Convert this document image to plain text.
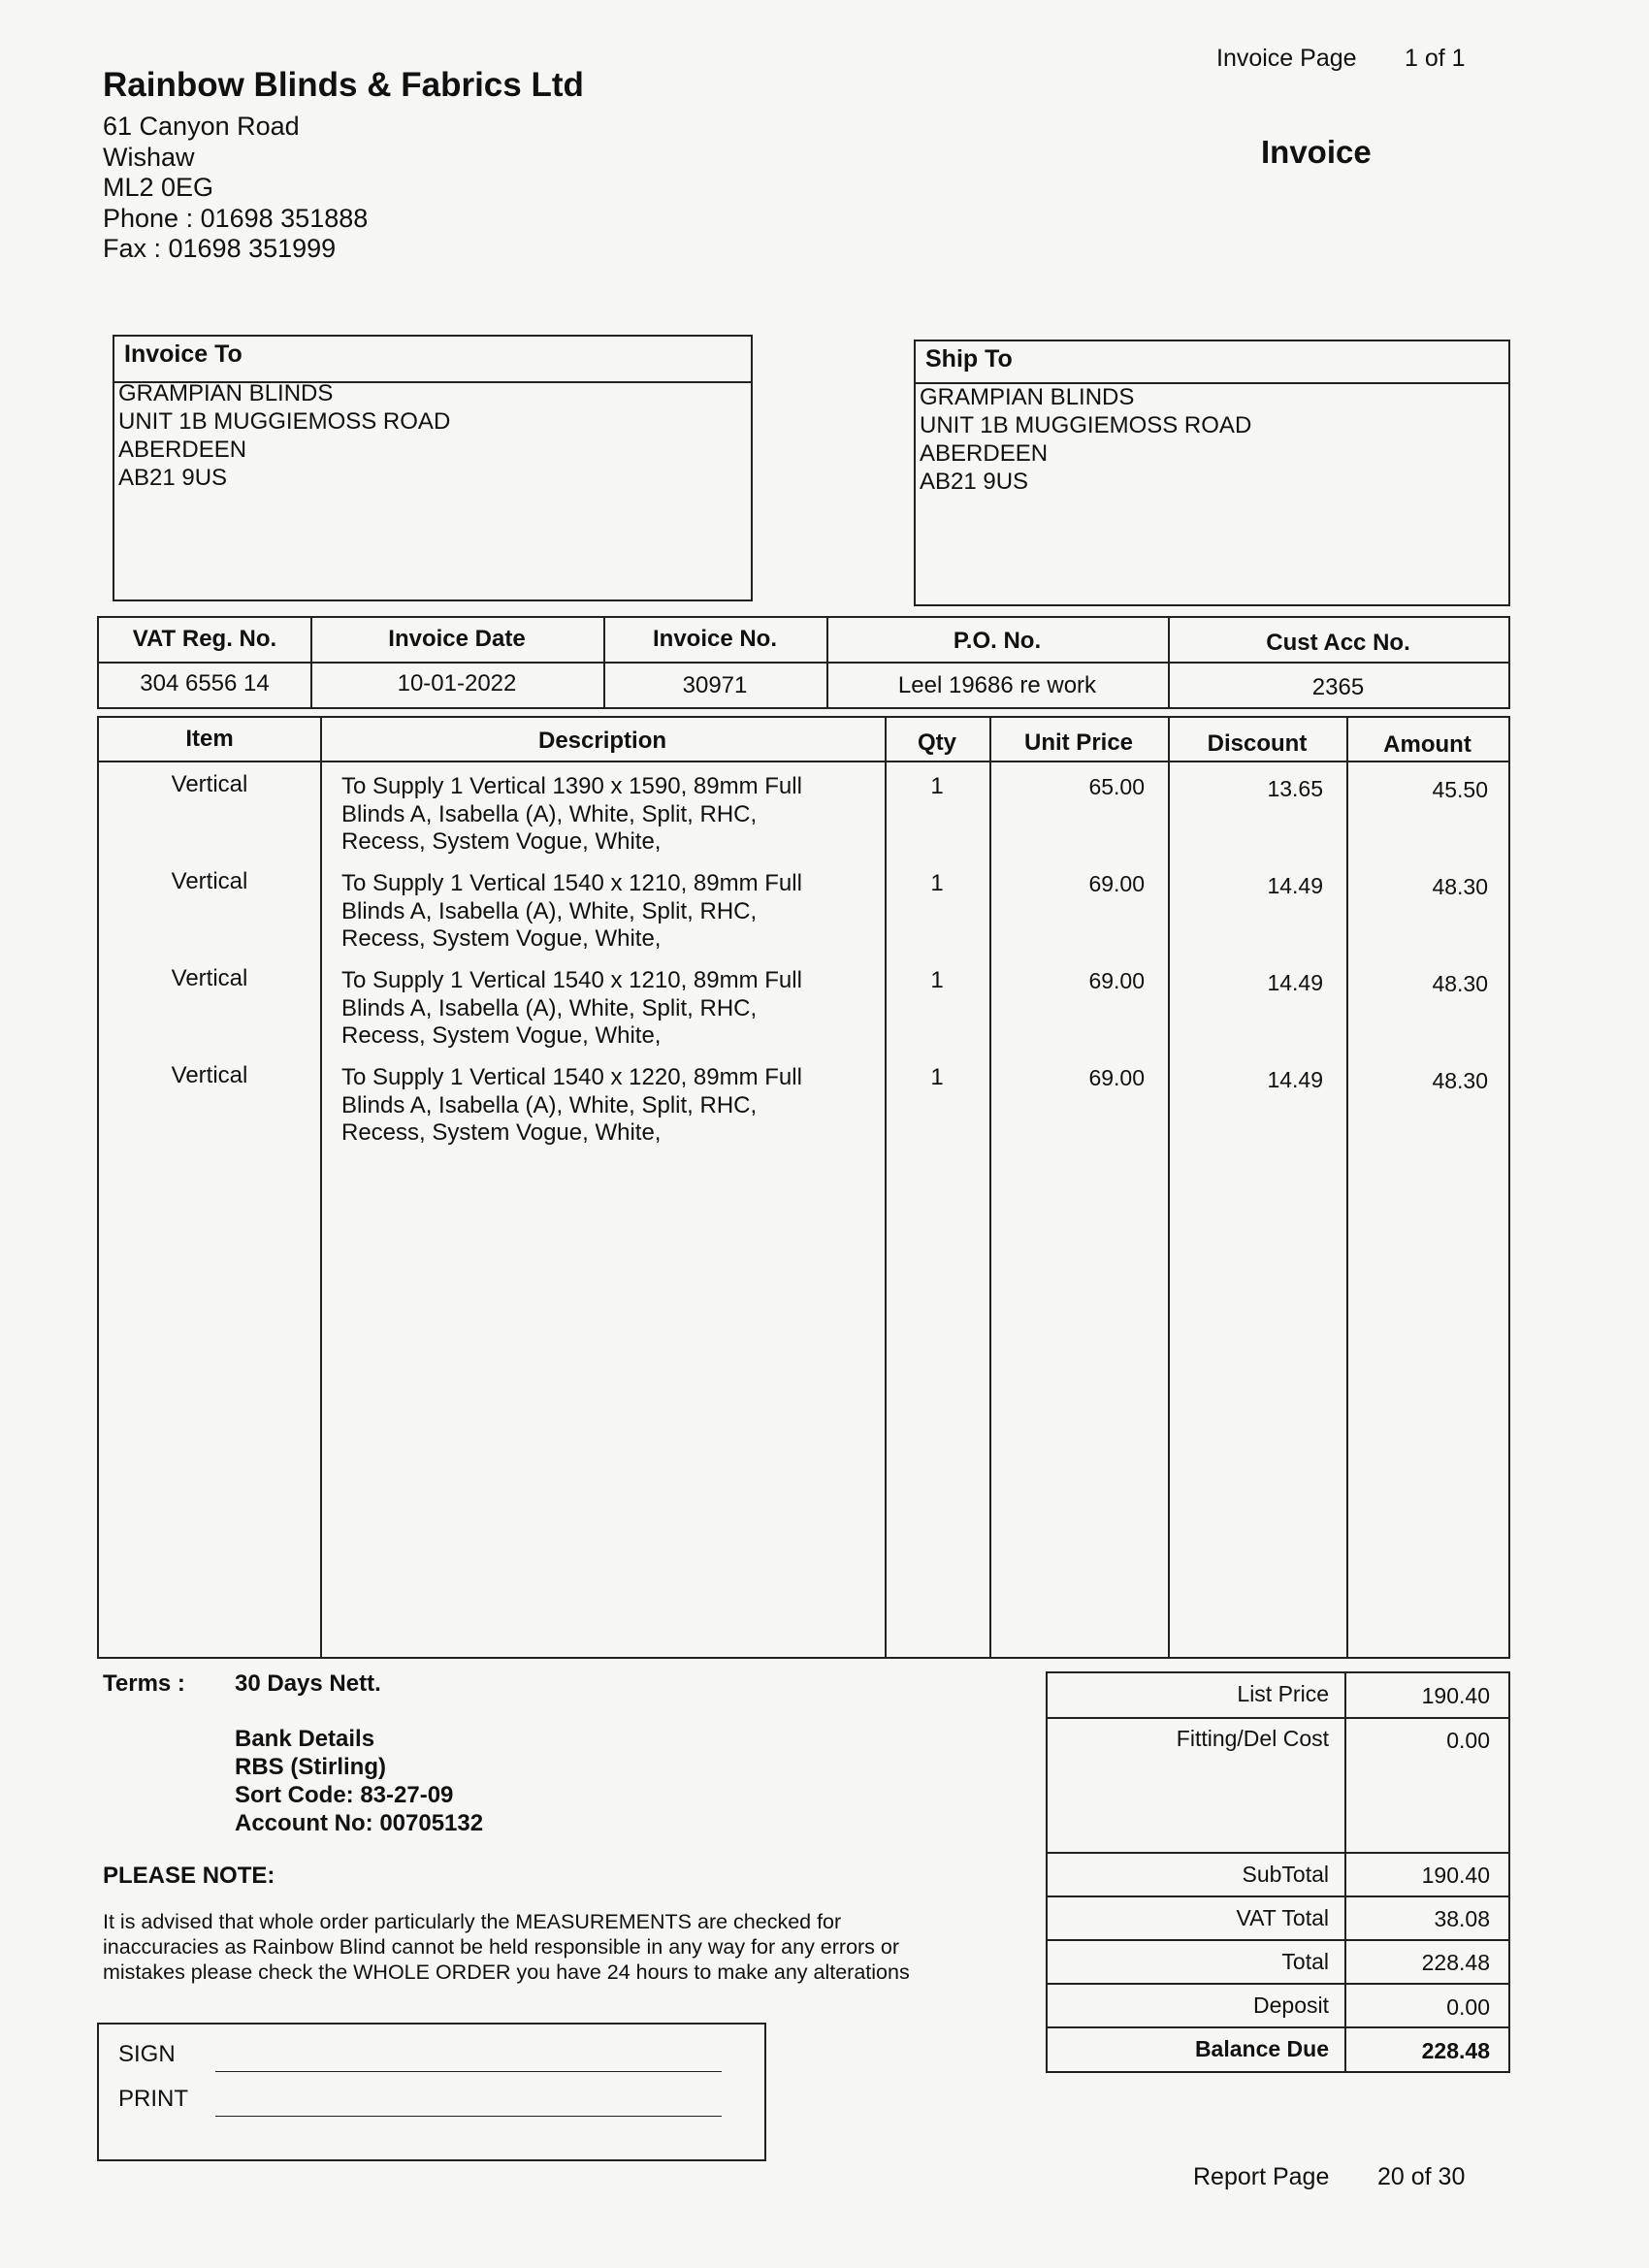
Invoice Page 1 of 1
Invoice
Rainbow Blinds & Fabrics Ltd
61 Canyon Road
Wishaw
ML2 0EG
Phone : 01698 351888
Fax : 01698 351999
Invoice To
GRAMPIAN BLINDS
UNIT 1B MUGGIEMOSS ROAD
ABERDEEN
AB21 9US
Ship To
GRAMPIAN BLINDS
UNIT 1B MUGGIEMOSS ROAD
ABERDEEN
AB21 9US
VAT Reg. No.	Invoice Date	Invoice No.	P.O. No.	Cust Acc No.
304 6556 14	10-01-2022	30971	Leel 19686 re work	2365
Item	Description	Qty	Unit Price	Discount	Amount
Vertical	To Supply 1 Vertical 1390 x 1590, 89mm Full
Blinds A, Isabella (A), White, Split, RHC,
Recess, System Vogue, White,
1	65.00	13.65	45.50
Vertical	To Supply 1 Vertical 1540 x 1210, 89mm Full
Blinds A, Isabella (A), White, Split, RHC,
Recess, System Vogue, White,
1	69.00	14.49	48.30
Vertical	To Supply 1 Vertical 1540 x 1210, 89mm Full
Blinds A, Isabella (A), White, Split, RHC,
Recess, System Vogue, White,
1	69.00	14.49	48.30
Vertical	To Supply 1 Vertical 1540 x 1220, 89mm Full
Blinds A, Isabella (A), White, Split, RHC,
Recess, System Vogue, White,
1	69.00	14.49	48.30
Terms : 30 Days Nett.
Bank Details
RBS (Stirling)
Sort Code: 83-27-09
Account No: 00705132
PLEASE NOTE:
It is advised that whole order particularly the MEASUREMENTS are checked for
inaccuracies as Rainbow Blind cannot be held responsible in any way for any errors or
mistakes please check the WHOLE ORDER you have 24 hours to make any alterations
SIGN
PRINT
List Price	190.40
Fitting/Del Cost	0.00
SubTotal	190.40
VAT Total	38.08
Total	228.48
Deposit	0.00
Balance Due	228.48
Report Page 20 of 30
